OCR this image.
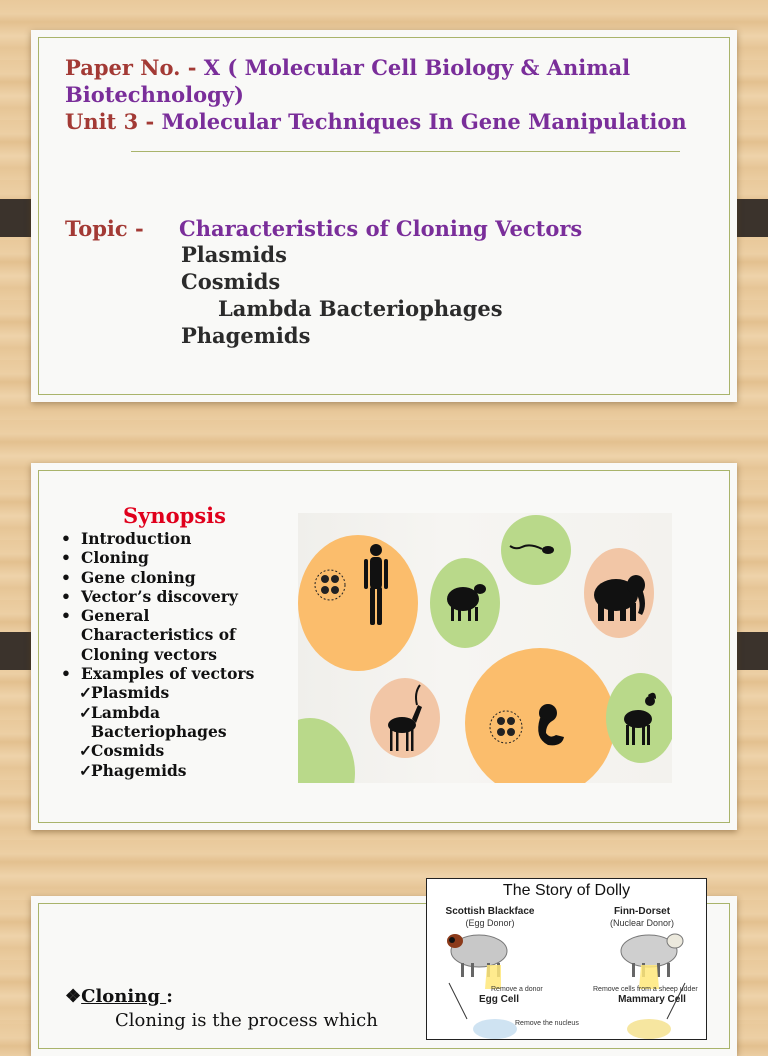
Paper No. - X ( Molecular Cell Biology & Animal Biotechnology)
Unit 3 - Molecular Techniques In Gene Manipulation
Topic - Characteristics of Cloning Vectors
Plasmids
Cosmids
Lambda Bacteriophages
Phagemids
Synopsis
• Introduction
• Cloning
• Gene cloning
• Vector’s discovery
• General
Characteristics of
Cloning vectors
• Examples of vectors
✓ Plasmids
✓ Lambda
Bacteriophages
✓ Cosmids
✓ Phagemids
❖Cloning :
Cloning is the process which
The Story of Dolly
Scottish Blackface
(Egg Donor)
Finn-Dorset
(Nuclear Donor)
Remove a donor	Remove cells from a sheep udder
Egg Cell	Mammary Cell
Remove the nucleus
